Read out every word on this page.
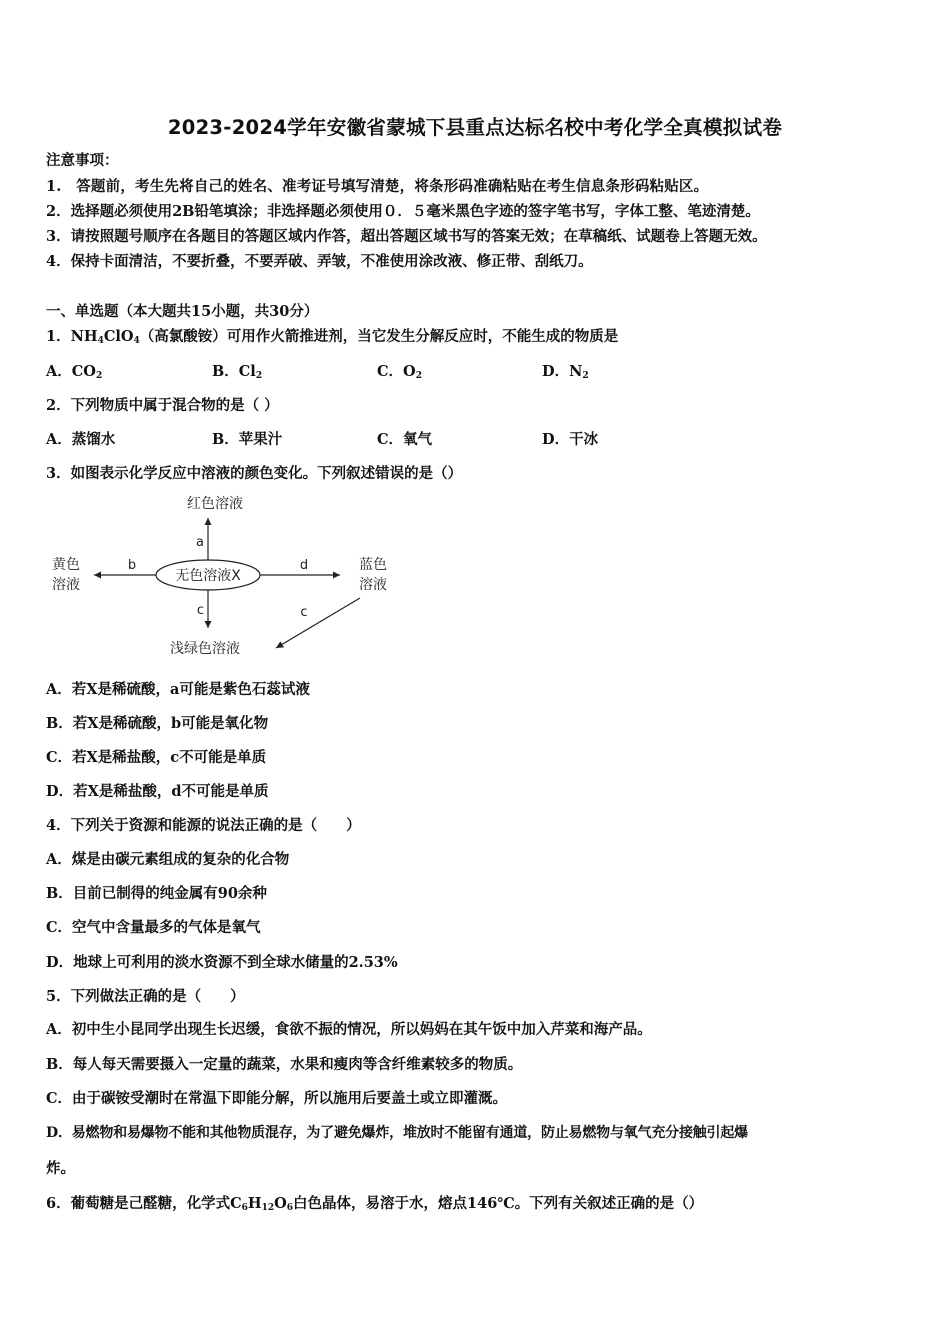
2023-2024学年安徽省蒙城下县重点达标名校中考化学全真模拟试卷
注意事项：
1.　答题前，考生先将自己的姓名、准考证号填写清楚，将条形码准确粘贴在考生信息条形码粘贴区。
2．选择题必须使用2B铅笔填涂；非选择题必须使用０．５毫米黑色字迹的签字笔书写，字体工整、笔迹清楚。
3．请按照题号顺序在各题目的答题区域内作答，超出答题区域书写的答案无效；在草稿纸、试题卷上答题无效。
4．保持卡面清洁，不要折叠，不要弄破、弄皱，不准使用涂改液、修正带、刮纸刀。
一、单选题（本大题共15小题，共30分）
1．$NH_4ClO_4$（高氯酸铵）可用作火箭推进剂，当它发生分解反应时，不能生成的物质是
A．$CO_2$	B．$Cl_2$	C．$O_2$	D．$N_2$
2．下列物质中属于混合物的是（ ）
A．蒸馏水	B．苹果汁	C．氧气	D．干冰
3．如图表示化学反应中溶液的颜色变化。下列叙述错误的是（）
无色溶液X
a
红色溶液
b
黄色
溶液
d	蓝色
溶液
c	c
浅绿色溶液
A．若X是稀硫酸，a可能是紫色石蕊试液
B．若X是稀硫酸，b可能是氧化物
C．若X是稀盐酸，c不可能是单质
D．若X是稀盐酸，d不可能是单质
4．下列关于资源和能源的说法正确的是（　　）
A．煤是由碳元素组成的复杂的化合物
B．目前已制得的纯金属有90余种
C．空气中含量最多的气体是氧气
D．地球上可利用的淡水资源不到全球水储量的2.53%
5．下列做法正确的是（　　）
A．初中生小昆同学出现生长迟缓，食欲不振的情况，所以妈妈在其午饭中加入芹菜和海产品。
B．每人每天需要摄入一定量的蔬菜，水果和瘦肉等含纤维素较多的物质。
C．由于碳铵受潮时在常温下即能分解，所以施用后要盖土或立即灌溉。
D．易燃物和易爆物不能和其他物质混存，为了避免爆炸，堆放时不能留有通道，防止易燃物与氧气充分接触引起爆
炸。
6．葡萄糖是己醛糖，化学式$C_6H_{12}O_6$白色晶体，易溶于水，熔点146℃。下列有关叙述正确的是（）
